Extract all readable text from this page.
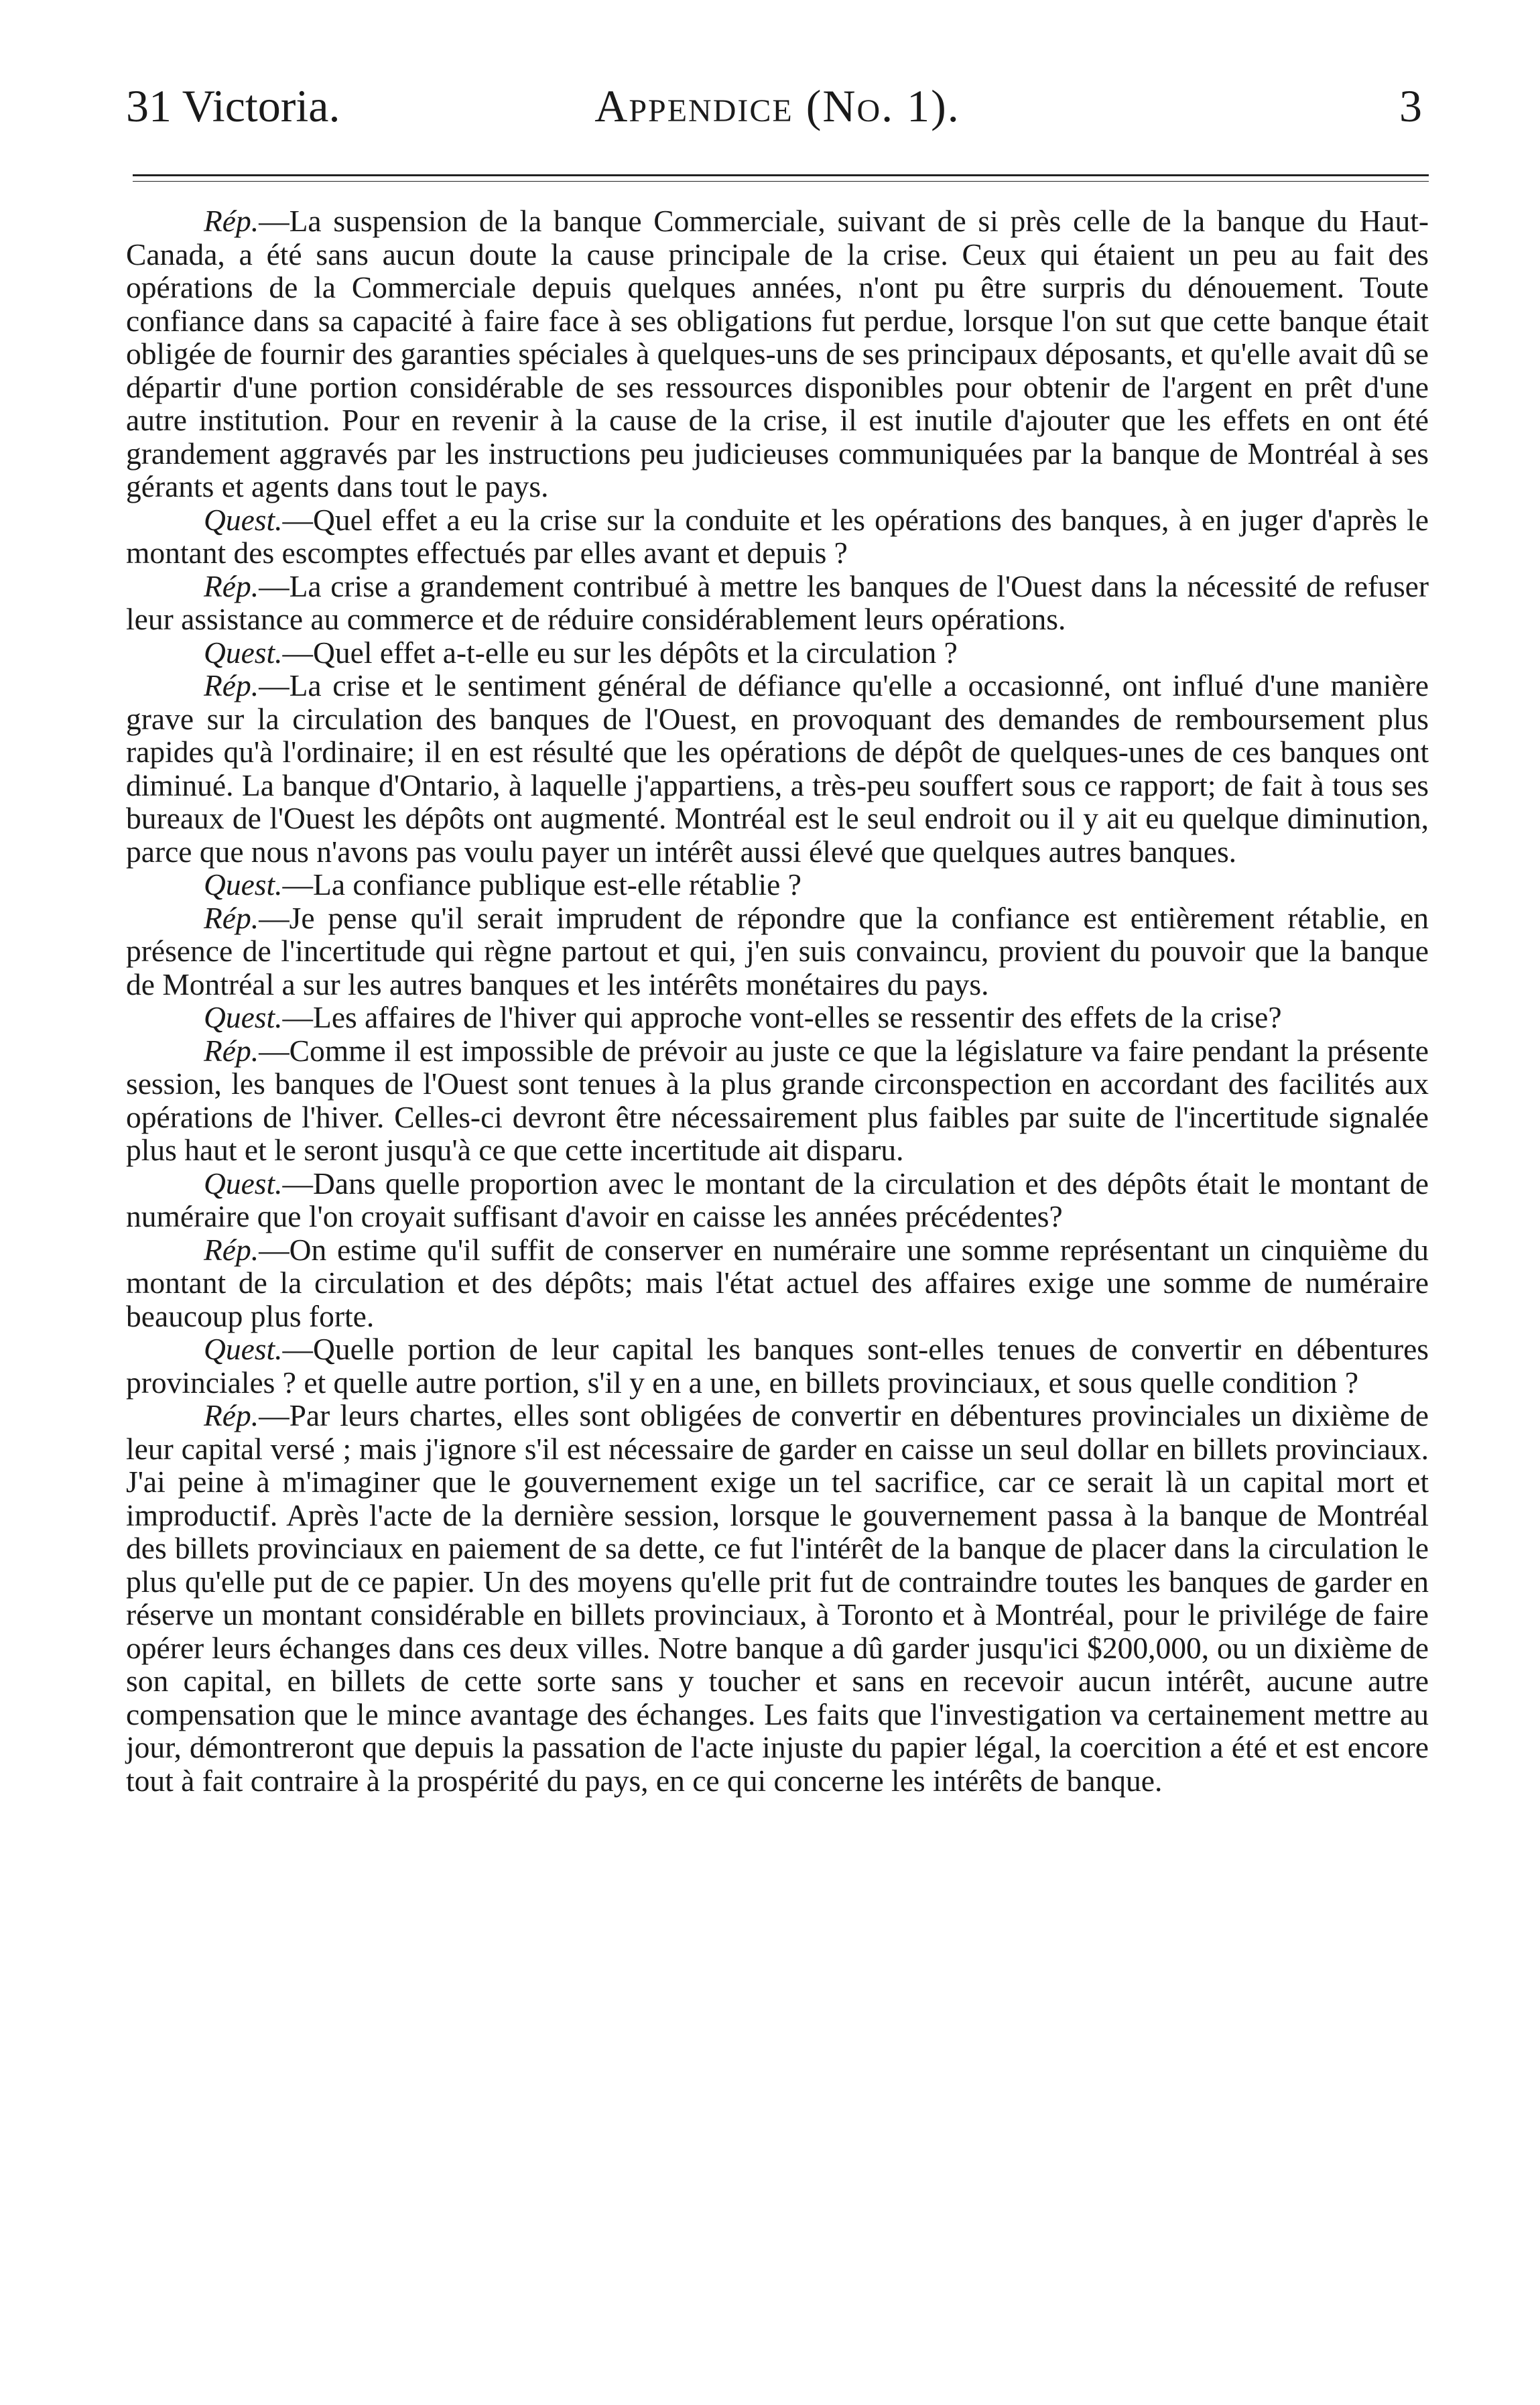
31 Victoria.	Appendice (No. 1).	3

Rép.—La suspension de la banque Commerciale, suivant de si près celle de la banque du Haut-Canada, a été sans aucun doute la cause principale de la crise. Ceux qui étaient un peu au fait des opérations de la Commerciale depuis quelques années, n'ont pu être surpris du dénouement. Toute confiance dans sa capacité à faire face à ses obligations fut perdue, lorsque l'on sut que cette banque était obligée de fournir des garanties spéciales à quelques-uns de ses principaux déposants, et qu'elle avait dû se départir d'une portion considérable de ses ressources disponibles pour obtenir de l'argent en prêt d'une autre institution. Pour en revenir à la cause de la crise, il est inutile d'ajouter que les effets en ont été grandement aggravés par les instructions peu judicieuses communiquées par la banque de Montréal à ses gérants et agents dans tout le pays.

Quest.—Quel effet a eu la crise sur la conduite et les opérations des banques, à en juger d'après le montant des escomptes effectués par elles avant et depuis ?

Rép.—La crise a grandement contribué à mettre les banques de l'Ouest dans la nécessité de refuser leur assistance au commerce et de réduire considérablement leurs opérations.

Quest.—Quel effet a-t-elle eu sur les dépôts et la circulation ?

Rép.—La crise et le sentiment général de défiance qu'elle a occasionné, ont influé d'une manière grave sur la circulation des banques de l'Ouest, en provoquant des demandes de remboursement plus rapides qu'à l'ordinaire; il en est résulté que les opérations de dépôt de quelques-unes de ces banques ont diminué. La banque d'Ontario, à laquelle j'appartiens, a très-peu souffert sous ce rapport; de fait à tous ses bureaux de l'Ouest les dépôts ont augmenté. Montréal est le seul endroit ou il y ait eu quelque diminution, parce que nous n'avons pas voulu payer un intérêt aussi élevé que quelques autres banques.

Quest.—La confiance publique est-elle rétablie ?

Rép.—Je pense qu'il serait imprudent de répondre que la confiance est entièrement rétablie, en présence de l'incertitude qui règne partout et qui, j'en suis convaincu, provient du pouvoir que la banque de Montréal a sur les autres banques et les intérêts monétaires du pays.

Quest.—Les affaires de l'hiver qui approche vont-elles se ressentir des effets de la crise?

Rép.—Comme il est impossible de prévoir au juste ce que la législature va faire pendant la présente session, les banques de l'Ouest sont tenues à la plus grande circonspection en accordant des facilités aux opérations de l'hiver. Celles-ci devront être nécessairement plus faibles par suite de l'incertitude signalée plus haut et le seront jusqu'à ce que cette incertitude ait disparu.

Quest.—Dans quelle proportion avec le montant de la circulation et des dépôts était le montant de numéraire que l'on croyait suffisant d'avoir en caisse les années précédentes?

Rép.—On estime qu'il suffit de conserver en numéraire une somme représentant un cinquième du montant de la circulation et des dépôts; mais l'état actuel des affaires exige une somme de numéraire beaucoup plus forte.

Quest.—Quelle portion de leur capital les banques sont-elles tenues de convertir en débentures provinciales ? et quelle autre portion, s'il y en a une, en billets provinciaux, et sous quelle condition ?

Rép.—Par leurs chartes, elles sont obligées de convertir en débentures provinciales un dixième de leur capital versé ; mais j'ignore s'il est nécessaire de garder en caisse un seul dollar en billets provinciaux. J'ai peine à m'imaginer que le gouvernement exige un tel sacrifice, car ce serait là un capital mort et improductif. Après l'acte de la dernière session, lorsque le gouvernement passa à la banque de Montréal des billets provinciaux en paiement de sa dette, ce fut l'intérêt de la banque de placer dans la circulation le plus qu'elle put de ce papier. Un des moyens qu'elle prit fut de contraindre toutes les banques de garder en réserve un montant considérable en billets provinciaux, à Toronto et à Montréal, pour le privilége de faire opérer leurs échanges dans ces deux villes. Notre banque a dû garder jusqu'ici $200,000, ou un dixième de son capital, en billets de cette sorte sans y toucher et sans en recevoir aucun intérêt, aucune autre compensation que le mince avantage des échanges. Les faits que l'investigation va certainement mettre au jour, démontreront que depuis la passation de l'acte injuste du papier légal, la coercition a été et est encore tout à fait contraire à la prospérité du pays, en ce qui concerne les intérêts de banque.
